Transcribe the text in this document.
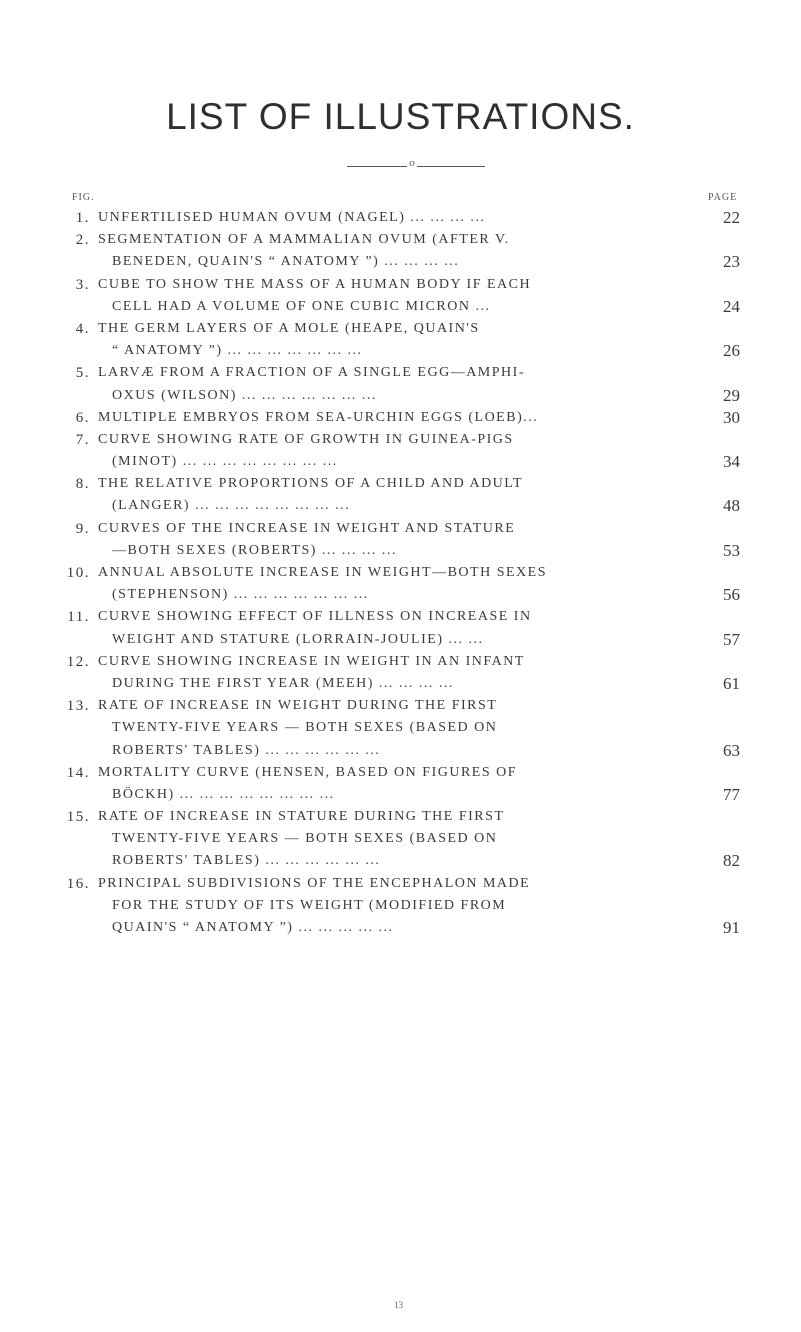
LIST OF ILLUSTRATIONS.
o
FIG.	PAGE
1. UNFERTILISED HUMAN OVUM (NAGEL) ... ... ... ...	22
2. SEGMENTATION OF A MAMMALIAN OVUM (AFTER V.
BENEDEN, QUAIN'S “ ANATOMY ”) ... ... ... ...	23
3. CUBE TO SHOW THE MASS OF A HUMAN BODY IF EACH
CELL HAD A VOLUME OF ONE CUBIC MICRON ...	24
4. THE GERM LAYERS OF A MOLE (HEAPE, QUAIN'S
“ ANATOMY ”) ... ... ... ... ... ... ...	26
5. LARVÆ FROM A FRACTION OF A SINGLE EGG—AMPHI-
OXUS (WILSON) ... ... ... ... ... ... ...	29
6. MULTIPLE EMBRYOS FROM SEA-URCHIN EGGS (LOEB)...	30
7. CURVE SHOWING RATE OF GROWTH IN GUINEA-PIGS
(MINOT) ... ... ... ... ... ... ... ...	34
8. THE RELATIVE PROPORTIONS OF A CHILD AND ADULT
(LANGER) ... ... ... ... ... ... ... ...	48
9. CURVES OF THE INCREASE IN WEIGHT AND STATURE
—BOTH SEXES (ROBERTS) ... ... ... ...	53
10. ANNUAL ABSOLUTE INCREASE IN WEIGHT—BOTH SEXES
(STEPHENSON) ... ... ... ... ... ... ...	56
11. CURVE SHOWING EFFECT OF ILLNESS ON INCREASE IN
WEIGHT AND STATURE (LORRAIN-JOULIE) ... ...	57
12. CURVE SHOWING INCREASE IN WEIGHT IN AN INFANT
DURING THE FIRST YEAR (MEEH) ... ... ... ...	61
13. RATE OF INCREASE IN WEIGHT DURING THE FIRST
TWENTY-FIVE YEARS — BOTH SEXES (BASED ON
ROBERTS' TABLES) ... ... ... ... ... ...	63
14. MORTALITY CURVE (HENSEN, BASED ON FIGURES OF
BÖCKH) ... ... ... ... ... ... ... ...	77
15. RATE OF INCREASE IN STATURE DURING THE FIRST
TWENTY-FIVE YEARS — BOTH SEXES (BASED ON
ROBERTS' TABLES) ... ... ... ... ... ...	82
16. PRINCIPAL SUBDIVISIONS OF THE ENCEPHALON MADE
FOR THE STUDY OF ITS WEIGHT (MODIFIED FROM
QUAIN'S “ ANATOMY ”) ... ... ... ... ...	91
13
